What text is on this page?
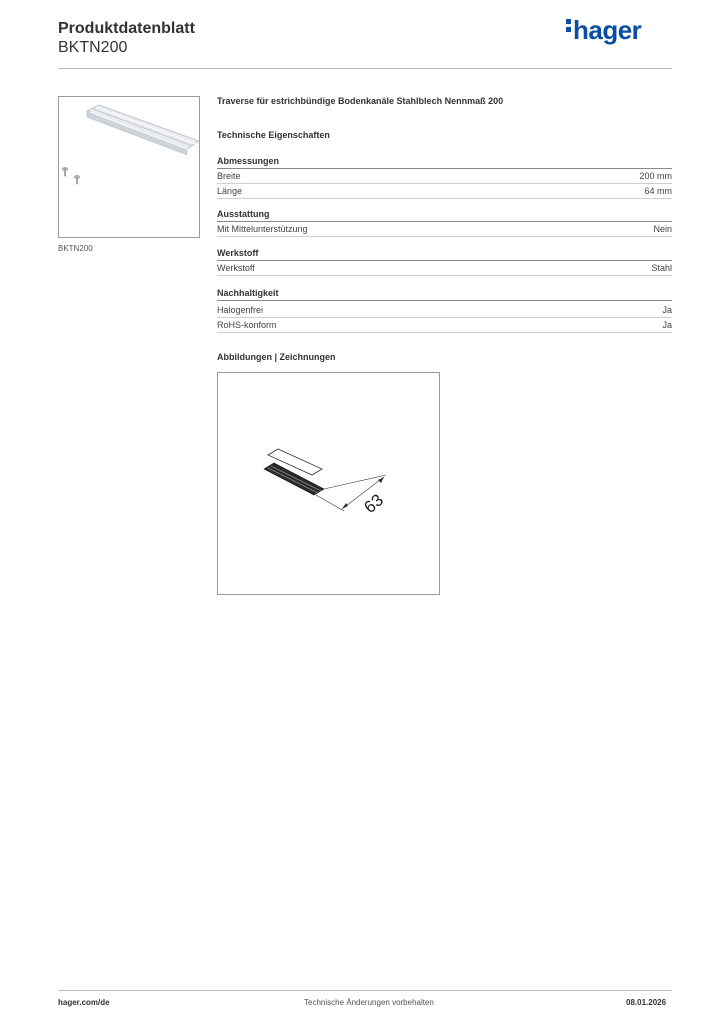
Produktdatenblatt
BKTN200
hager
BKTN200
Traverse für estrichbündige Bodenkanäle Stahlblech Nennmaß 200
Technische Eigenschaften
Abmessungen
Breite	200 mm
Länge	64 mm
Ausstattung
Mit Mittelunterstützung	Nein
Werkstoff
Werkstoff	Stahl
Nachhaltigkeit
Halogenfrei	Ja
RoHS-konform	Ja
Abbildungen | Zeichnungen
63
hager.com/de	Technische Änderungen vorbehalten	08.01.2026
